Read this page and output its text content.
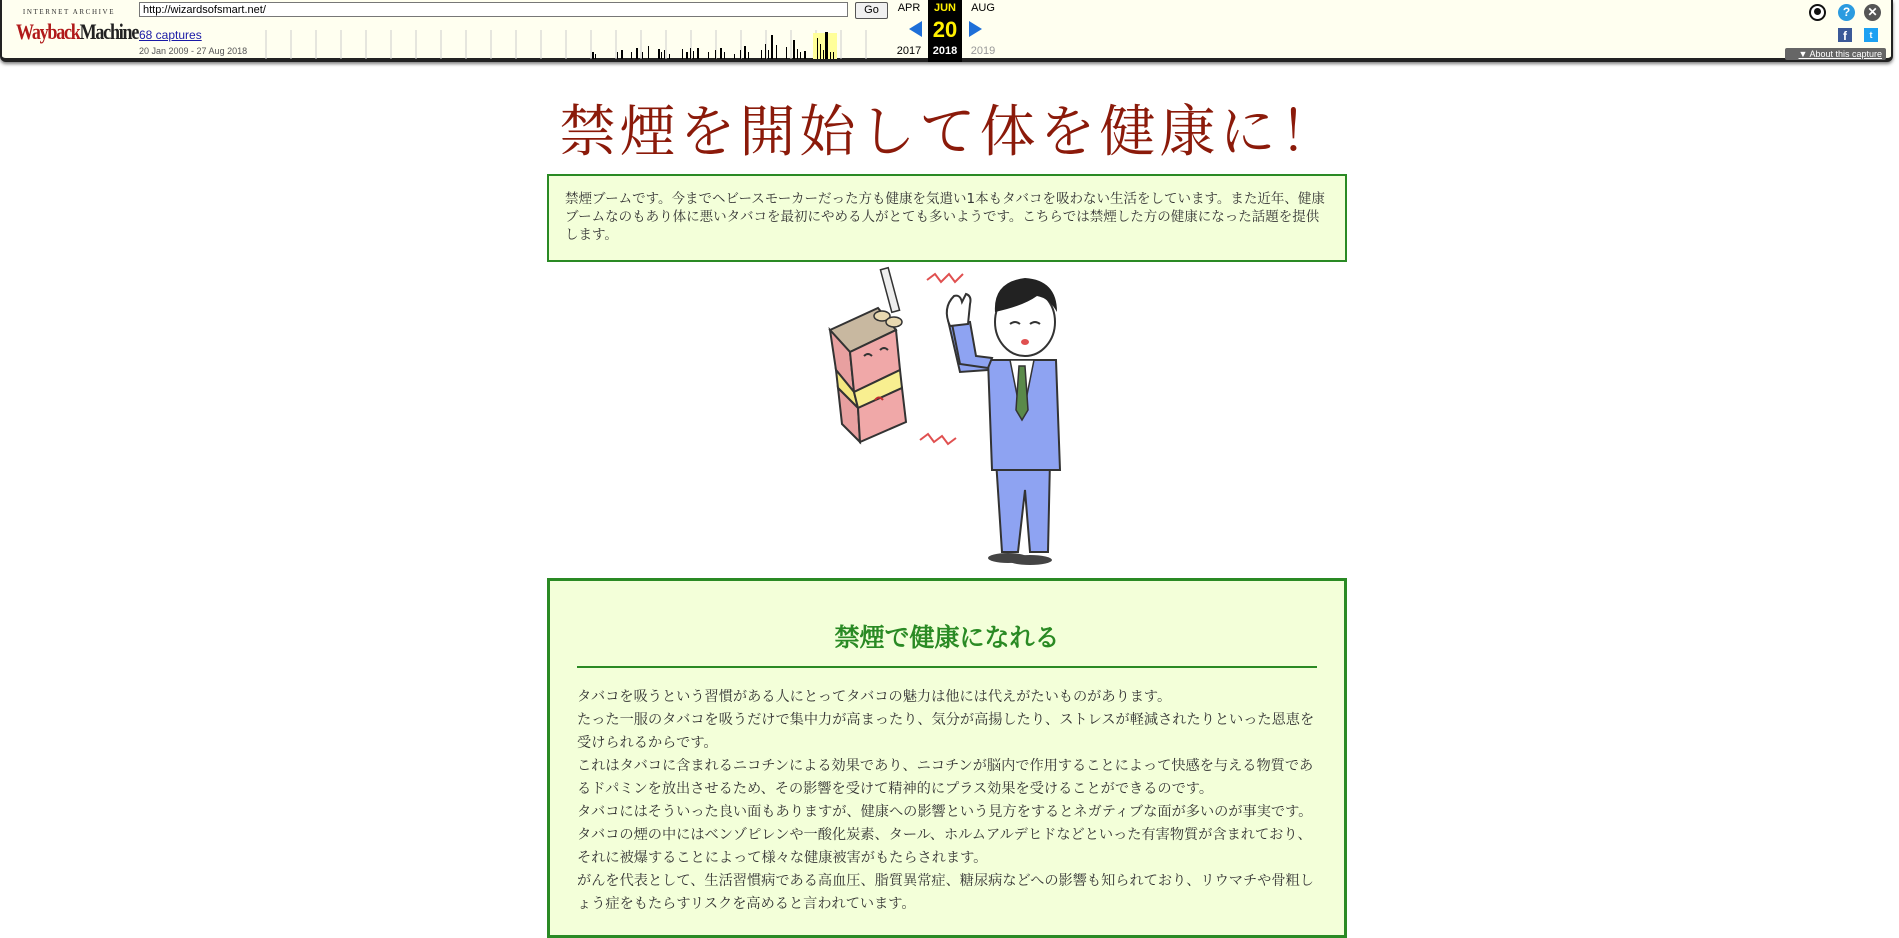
INTERNET ARCHIVE
WaybackMachine
http://wizardsofsmart.net/	Go
68 captures
20 Jan 2009 - 27 Aug 2018
APR	JUN	AUG
20
2017	2018	2019
?	✕
f	t
▼ About this capture
禁煙を開始して体を健康に！
禁煙ブームです。今までヘビースモーカーだった方も健康を気遣い1本もタバコを吸わない生活をしています。また近年、健康ブームなのもあり体に悪いタバコを最初にやめる人がとても多いようです。こちらでは禁煙した方の健康になった話題を提供します。
禁煙で健康になれる

タバコを吸うという習慣がある人にとってタバコの魅力は他には代えがたいものがあります。

たった一服のタバコを吸うだけで集中力が高まったり、気分が高揚したり、ストレスが軽減されたりといった恩恵を受けられるからです。

これはタバコに含まれるニコチンによる効果であり、ニコチンが脳内で作用することによって快感を与える物質であるドパミンを放出させるため、その影響を受けて精神的にプラス効果を受けることができるのです。

タバコにはそういった良い面もありますが、健康への影響という見方をするとネガティブな面が多いのが事実です。

タバコの煙の中にはベンゾピレンや一酸化炭素、タール、ホルムアルデヒドなどといった有害物質が含まれており、それに被爆することによって様々な健康被害がもたらされます。

がんを代表として、生活習慣病である高血圧、脂質異常症、糖尿病などへの影響も知られており、リウマチや骨粗しょう症をもたらすリスクを高めると言われています。
